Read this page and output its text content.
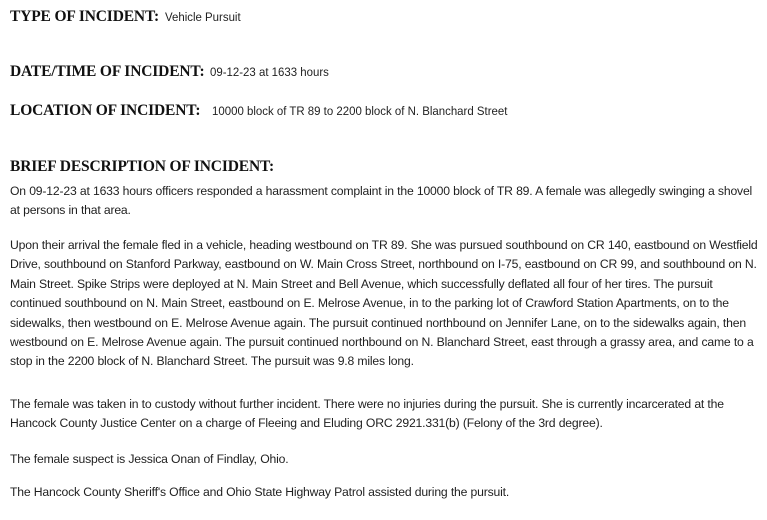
TYPE OF INCIDENT: Vehicle Pursuit
DATE/TIME OF INCIDENT: 09-12-23 at 1633 hours
LOCATION OF INCIDENT: 10000 block of TR 89 to 2200 block of N. Blanchard Street
BRIEF DESCRIPTION OF INCIDENT:

On 09-12-23 at 1633 hours officers responded a harassment complaint in the 10000 block of TR 89. A female was allegedly swinging a shovel at persons in that area.

Upon their arrival the female fled in a vehicle, heading westbound on TR 89. She was pursued southbound on CR 140, eastbound on Westfield Drive, southbound on Stanford Parkway, eastbound on W. Main Cross Street, northbound on I-75, eastbound on CR 99, and southbound on N. Main Street. Spike Strips were deployed at N. Main Street and Bell Avenue, which successfully deflated all four of her tires. The pursuit continued southbound on N. Main Street, eastbound on E. Melrose Avenue, in to the parking lot of Crawford Station Apartments, on to the sidewalks, then westbound on E. Melrose Avenue again. The pursuit continued northbound on Jennifer Lane, on to the sidewalks again, then westbound on E. Melrose Avenue again. The pursuit continued northbound on N. Blanchard Street, east through a grassy area, and came to a stop in the 2200 block of N. Blanchard Street. The pursuit was 9.8 miles long.

The female was taken in to custody without further incident. There were no injuries during the pursuit. She is currently incarcerated at the Hancock County Justice Center on a charge of Fleeing and Eluding ORC 2921.331(b) (Felony of the 3rd degree).

The female suspect is Jessica Onan of Findlay, Ohio.

The Hancock County Sheriff's Office and Ohio State Highway Patrol assisted during the pursuit.
